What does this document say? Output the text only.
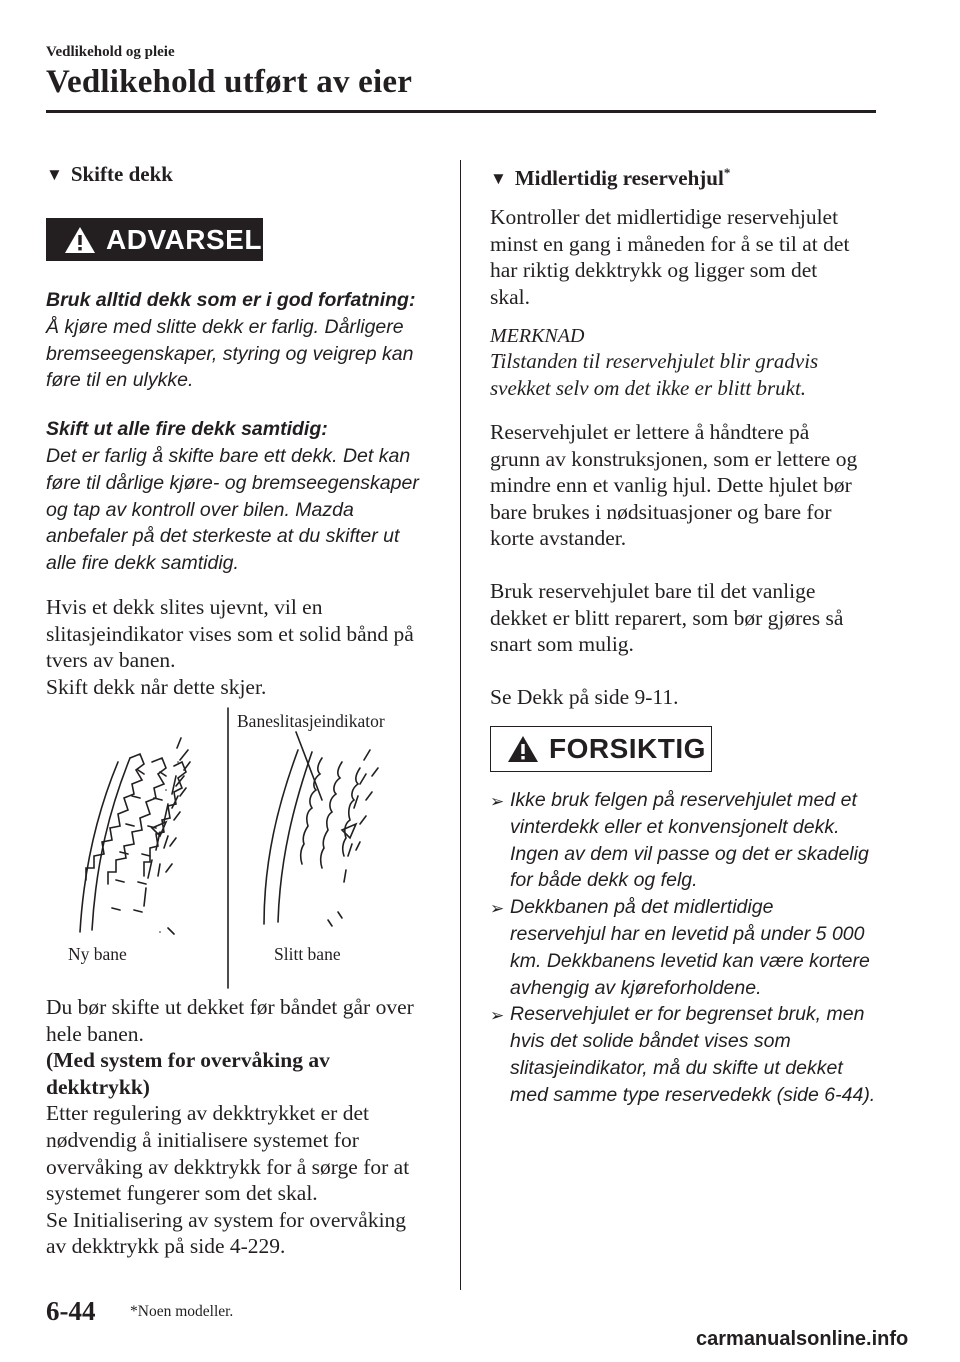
Vedlikehold og pleie
Vedlikehold utført av eier
▼ Skifte dekk
ADVARSEL
Bruk alltid dekk som er i god forfatning:
Å kjøre med slitte dekk er farlig. Dårligere
bremseegenskaper, styring og veigrep kan
føre til en ulykke.
Skift ut alle fire dekk samtidig:
Det er farlig å skifte bare ett dekk. Det kan
føre til dårlige kjøre- og bremseegenskaper
og tap av kontroll over bilen. Mazda
anbefaler på det sterkeste at du skifter ut
alle fire dekk samtidig.
Hvis et dekk slites ujevnt, vil en
slitasjeindikator vises som et solid bånd på
tvers av banen.
Skift dekk når dette skjer.
Baneslitasjeindikator
Ny bane	Slitt bane
Du bør skifte ut dekket før båndet går over
hele banen.
(Med system for overvåking av
dekktrykk)
Etter regulering av dekktrykket er det
nødvendig å initialisere systemet for
overvåking av dekktrykk for å sørge for at
systemet fungerer som det skal.
Se Initialisering av system for overvåking
av dekktrykk på side 4-229.
▼ Midlertidig reservehjul*
Kontroller det midlertidige reservehjulet
minst en gang i måneden for å se til at det
har riktig dekktrykk og ligger som det
skal.
MERKNAD
Tilstanden til reservehjulet blir gradvis
svekket selv om det ikke er blitt brukt.
Reservehjulet er lettere å håndtere på
grunn av konstruksjonen, som er lettere og
mindre enn et vanlig hjul. Dette hjulet bør
bare brukes i nødsituasjoner og bare for
korte avstander.
Bruk reservehjulet bare til det vanlige
dekket er blitt reparert, som bør gjøres så
snart som mulig.
Se Dekk på side 9-11.
FORSIKTIG
➢ Ikke bruk felgen på reservehjulet med et
vinterdekk eller et konvensjonelt dekk.
Ingen av dem vil passe og det er skadelig
for både dekk og felg.
➢ Dekkbanen på det midlertidige
reservehjul har en levetid på under 5 000
km. Dekkbanens levetid kan være kortere
avhengig av kjøreforholdene.
➢ Reservehjulet er for begrenset bruk, men
hvis det solide båndet vises som
slitasjeindikator, må du skifte ut dekket
med samme type reservedekk (side 6-44).
6-44 *Noen modeller.
carmanualsonline.info
